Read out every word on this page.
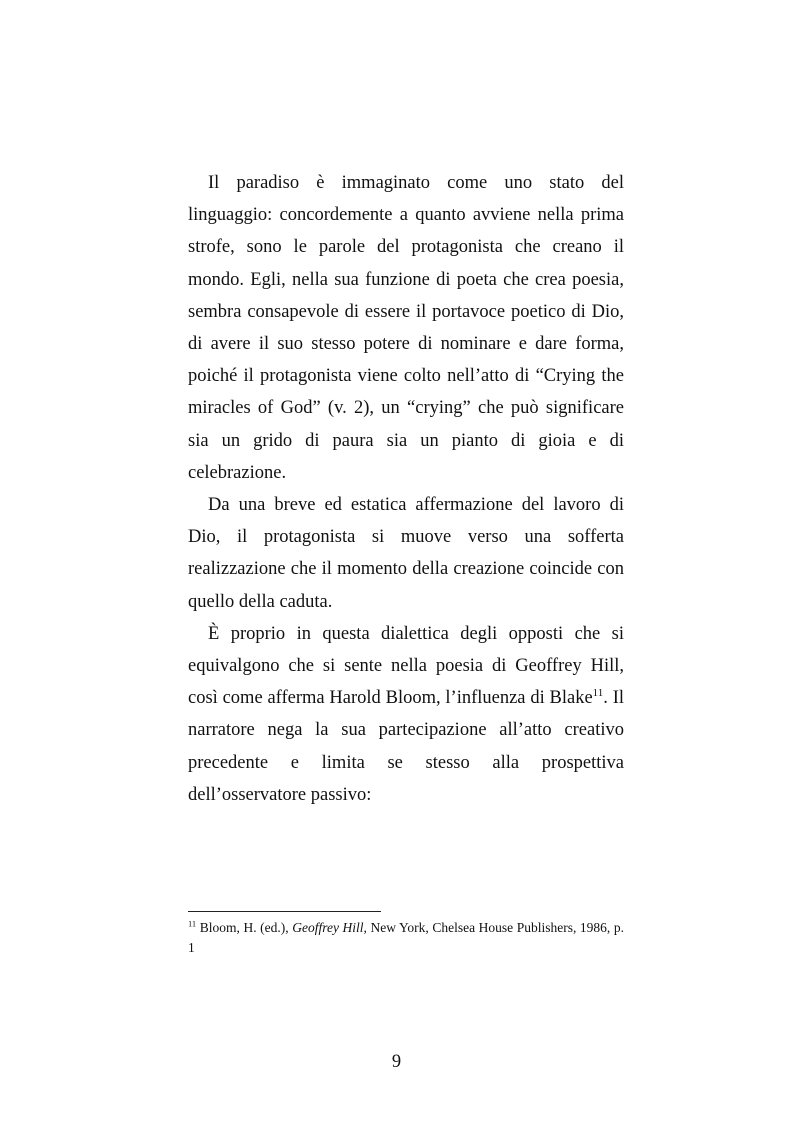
Il paradiso è immaginato come uno stato del linguaggio: concordemente a quanto avviene nella prima strofe, sono le parole del protagonista che creano il mondo. Egli, nella sua funzione di poeta che crea poesia, sembra consapevole di essere il portavoce poetico di Dio, di avere il suo stesso potere di nominare e dare forma, poiché il protagonista viene colto nell’atto di “Crying the miracles of God” (v. 2), un “crying” che può significare sia un grido di paura sia un pianto di gioia e di celebrazione.

Da una breve ed estatica affermazione del lavoro di Dio, il protagonista si muove verso una sofferta realizzazione che il momento della creazione coincide con quello della caduta.

È proprio in questa dialettica degli opposti che si equivalgono che si sente nella poesia di Geoffrey Hill, così come afferma Harold Bloom, l’influenza di Blake$^{11}$. Il narratore nega la sua partecipazione all’atto creativo precedente e limita se stesso alla prospettiva dell’osservatore passivo:

$^{11}$ Bloom, H. (ed.), Geoffrey Hill, New York, Chelsea House Publishers, 1986, p. 1
9
